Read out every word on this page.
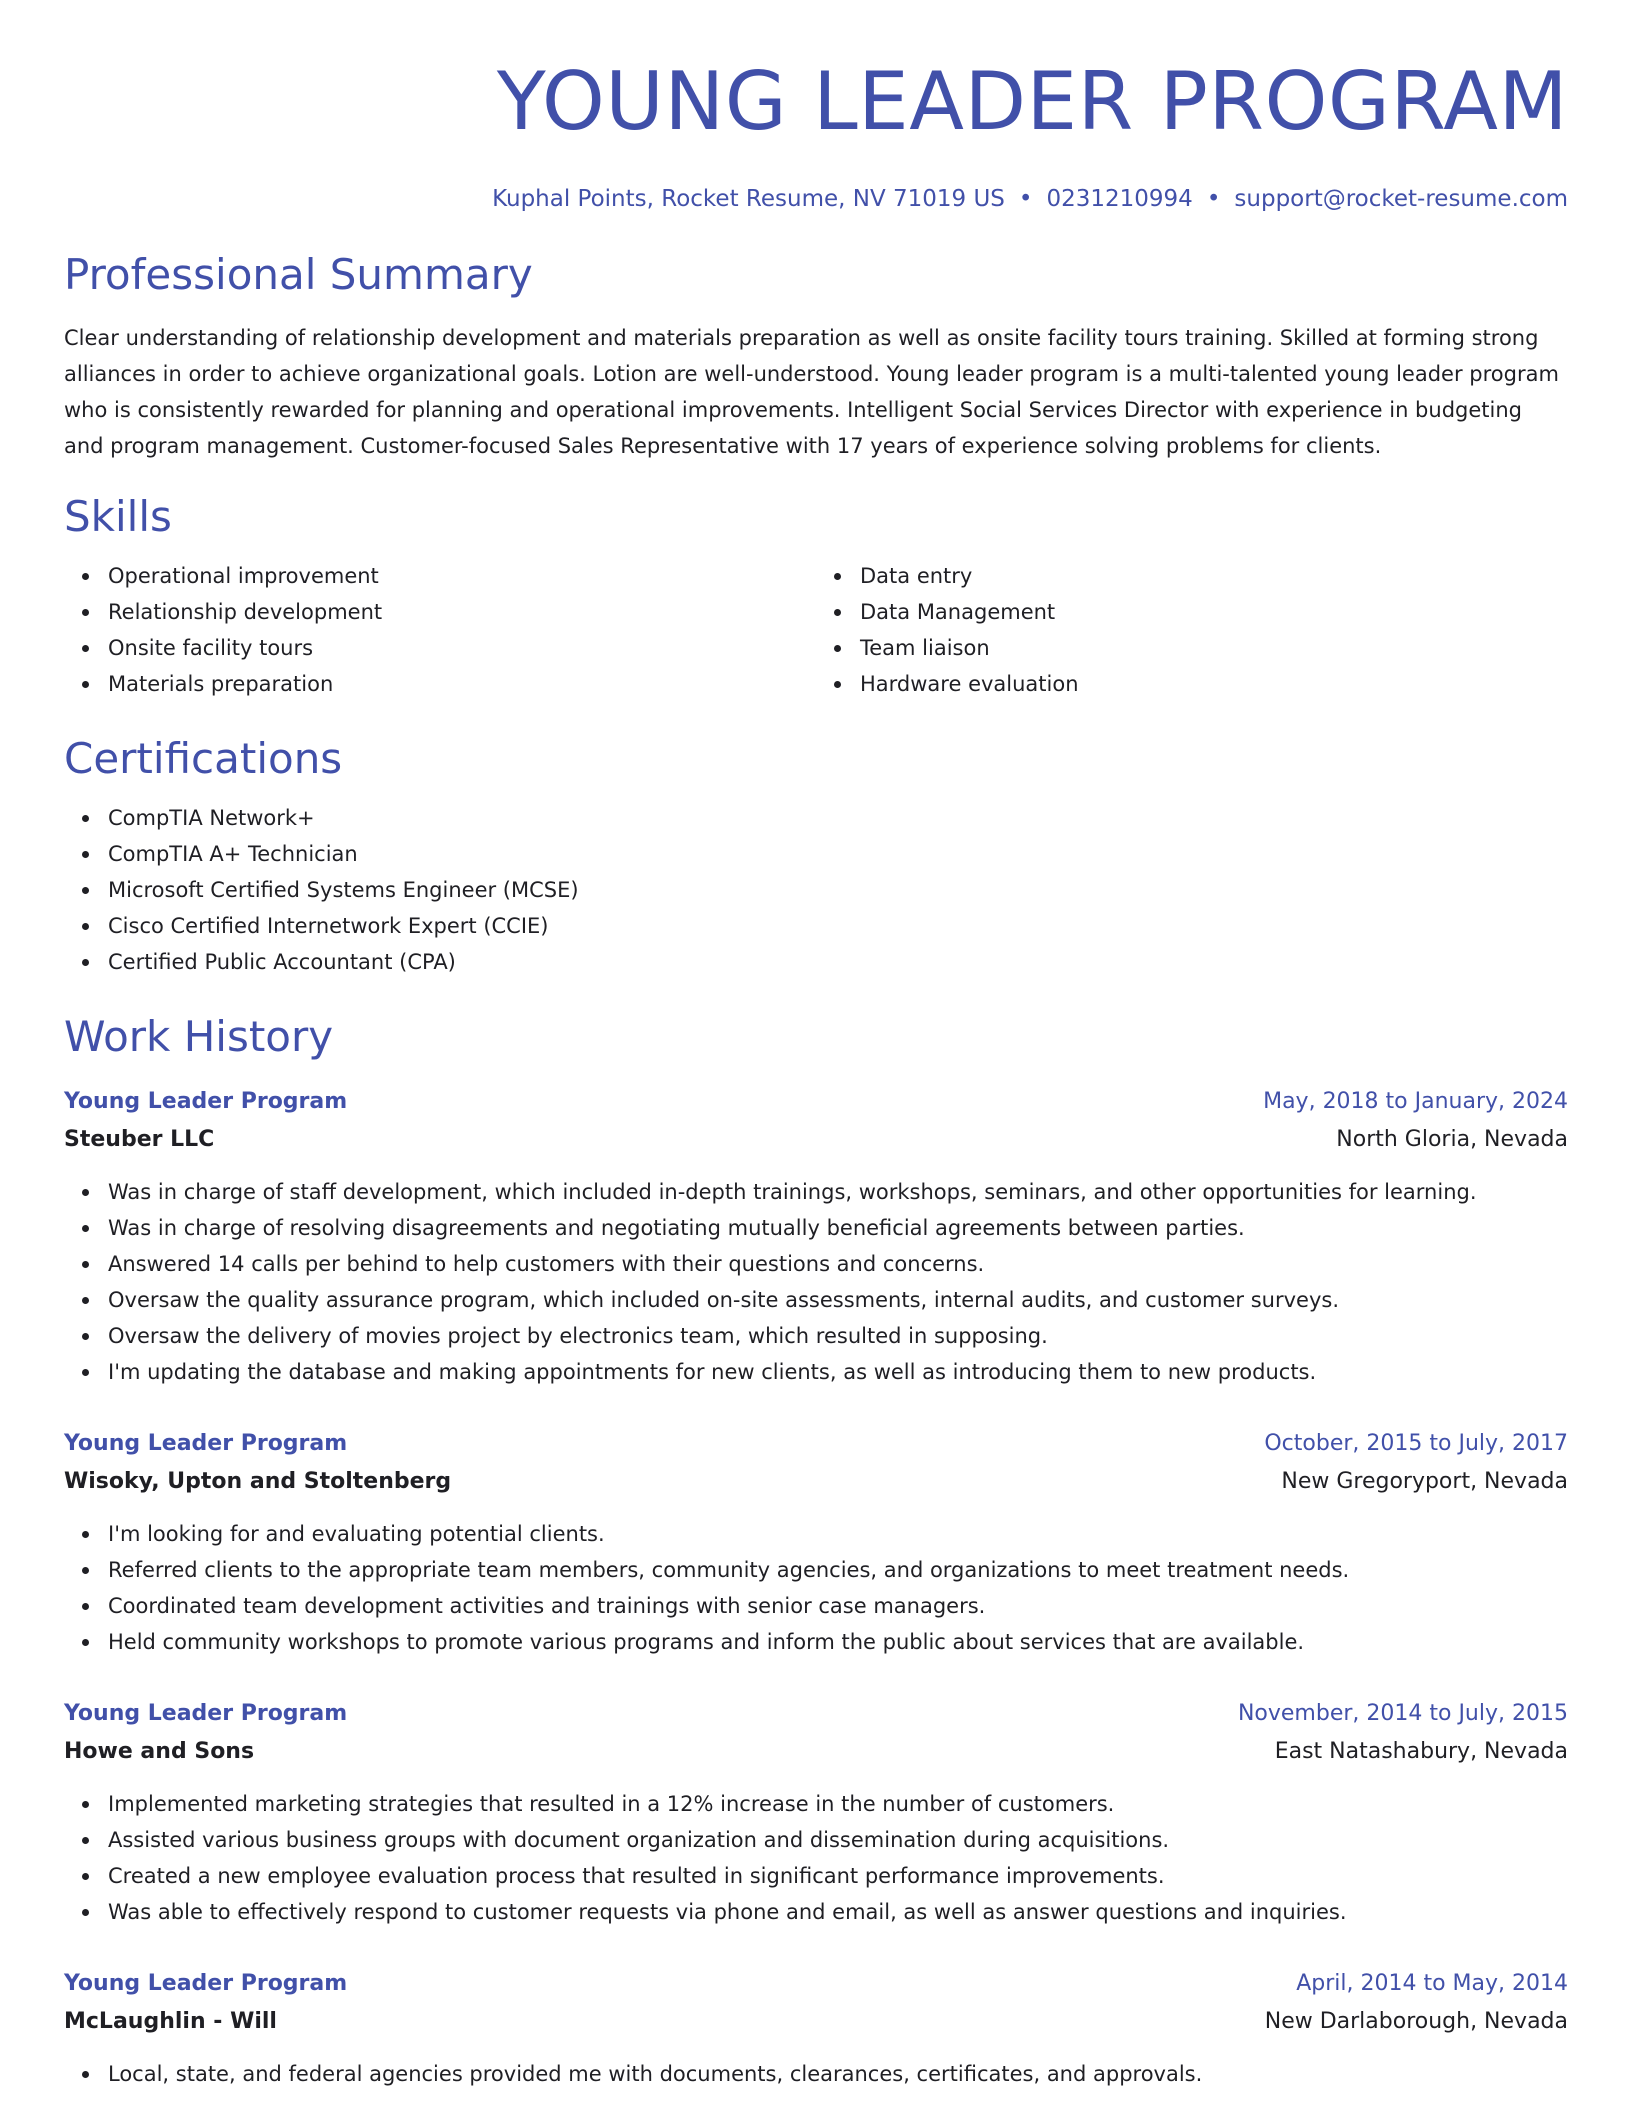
YOUNG LEADER PROGRAM
Kuphal Points, Rocket Resume, NV 71019 US • 0231210994 • support@rocket-resume.com
Professional Summary
Clear understanding of relationship development and materials preparation as well as onsite facility tours training. Skilled at forming strong alliances in order to achieve organizational goals. Lotion are well-understood. Young leader program is a multi-talented young leader program who is consistently rewarded for planning and operational improvements. Intelligent Social Services Director with experience in budgeting and program management. Customer-focused Sales Representative with 17 years of experience solving problems for clients.
Skills
Operational improvement
Relationship development
Onsite facility tours
Materials preparation
Data entry
Data Management
Team liaison
Hardware evaluation
Certifications
CompTIA Network+
CompTIA A+ Technician
Microsoft Certified Systems Engineer (MCSE)
Cisco Certified Internetwork Expert (CCIE)
Certified Public Accountant (CPA)
Work History
Young Leader Program	May, 2018 to January, 2024
Steuber LLC	North Gloria, Nevada
Was in charge of staff development, which included in-depth trainings, workshops, seminars, and other opportunities for learning.
Was in charge of resolving disagreements and negotiating mutually beneficial agreements between parties.
Answered 14 calls per behind to help customers with their questions and concerns.
Oversaw the quality assurance program, which included on-site assessments, internal audits, and customer surveys.
Oversaw the delivery of movies project by electronics team, which resulted in supposing.
I'm updating the database and making appointments for new clients, as well as introducing them to new products.
Young Leader Program	October, 2015 to July, 2017
Wisoky, Upton and Stoltenberg	New Gregoryport, Nevada
I'm looking for and evaluating potential clients.
Referred clients to the appropriate team members, community agencies, and organizations to meet treatment needs.
Coordinated team development activities and trainings with senior case managers.
Held community workshops to promote various programs and inform the public about services that are available.
Young Leader Program	November, 2014 to July, 2015
Howe and Sons	East Natashabury, Nevada
Implemented marketing strategies that resulted in a 12% increase in the number of customers.
Assisted various business groups with document organization and dissemination during acquisitions.
Created a new employee evaluation process that resulted in significant performance improvements.
Was able to effectively respond to customer requests via phone and email, as well as answer questions and inquiries.
Young Leader Program	April, 2014 to May, 2014
McLaughlin - Will	New Darlaborough, Nevada
Local, state, and federal agencies provided me with documents, clearances, certificates, and approvals.
